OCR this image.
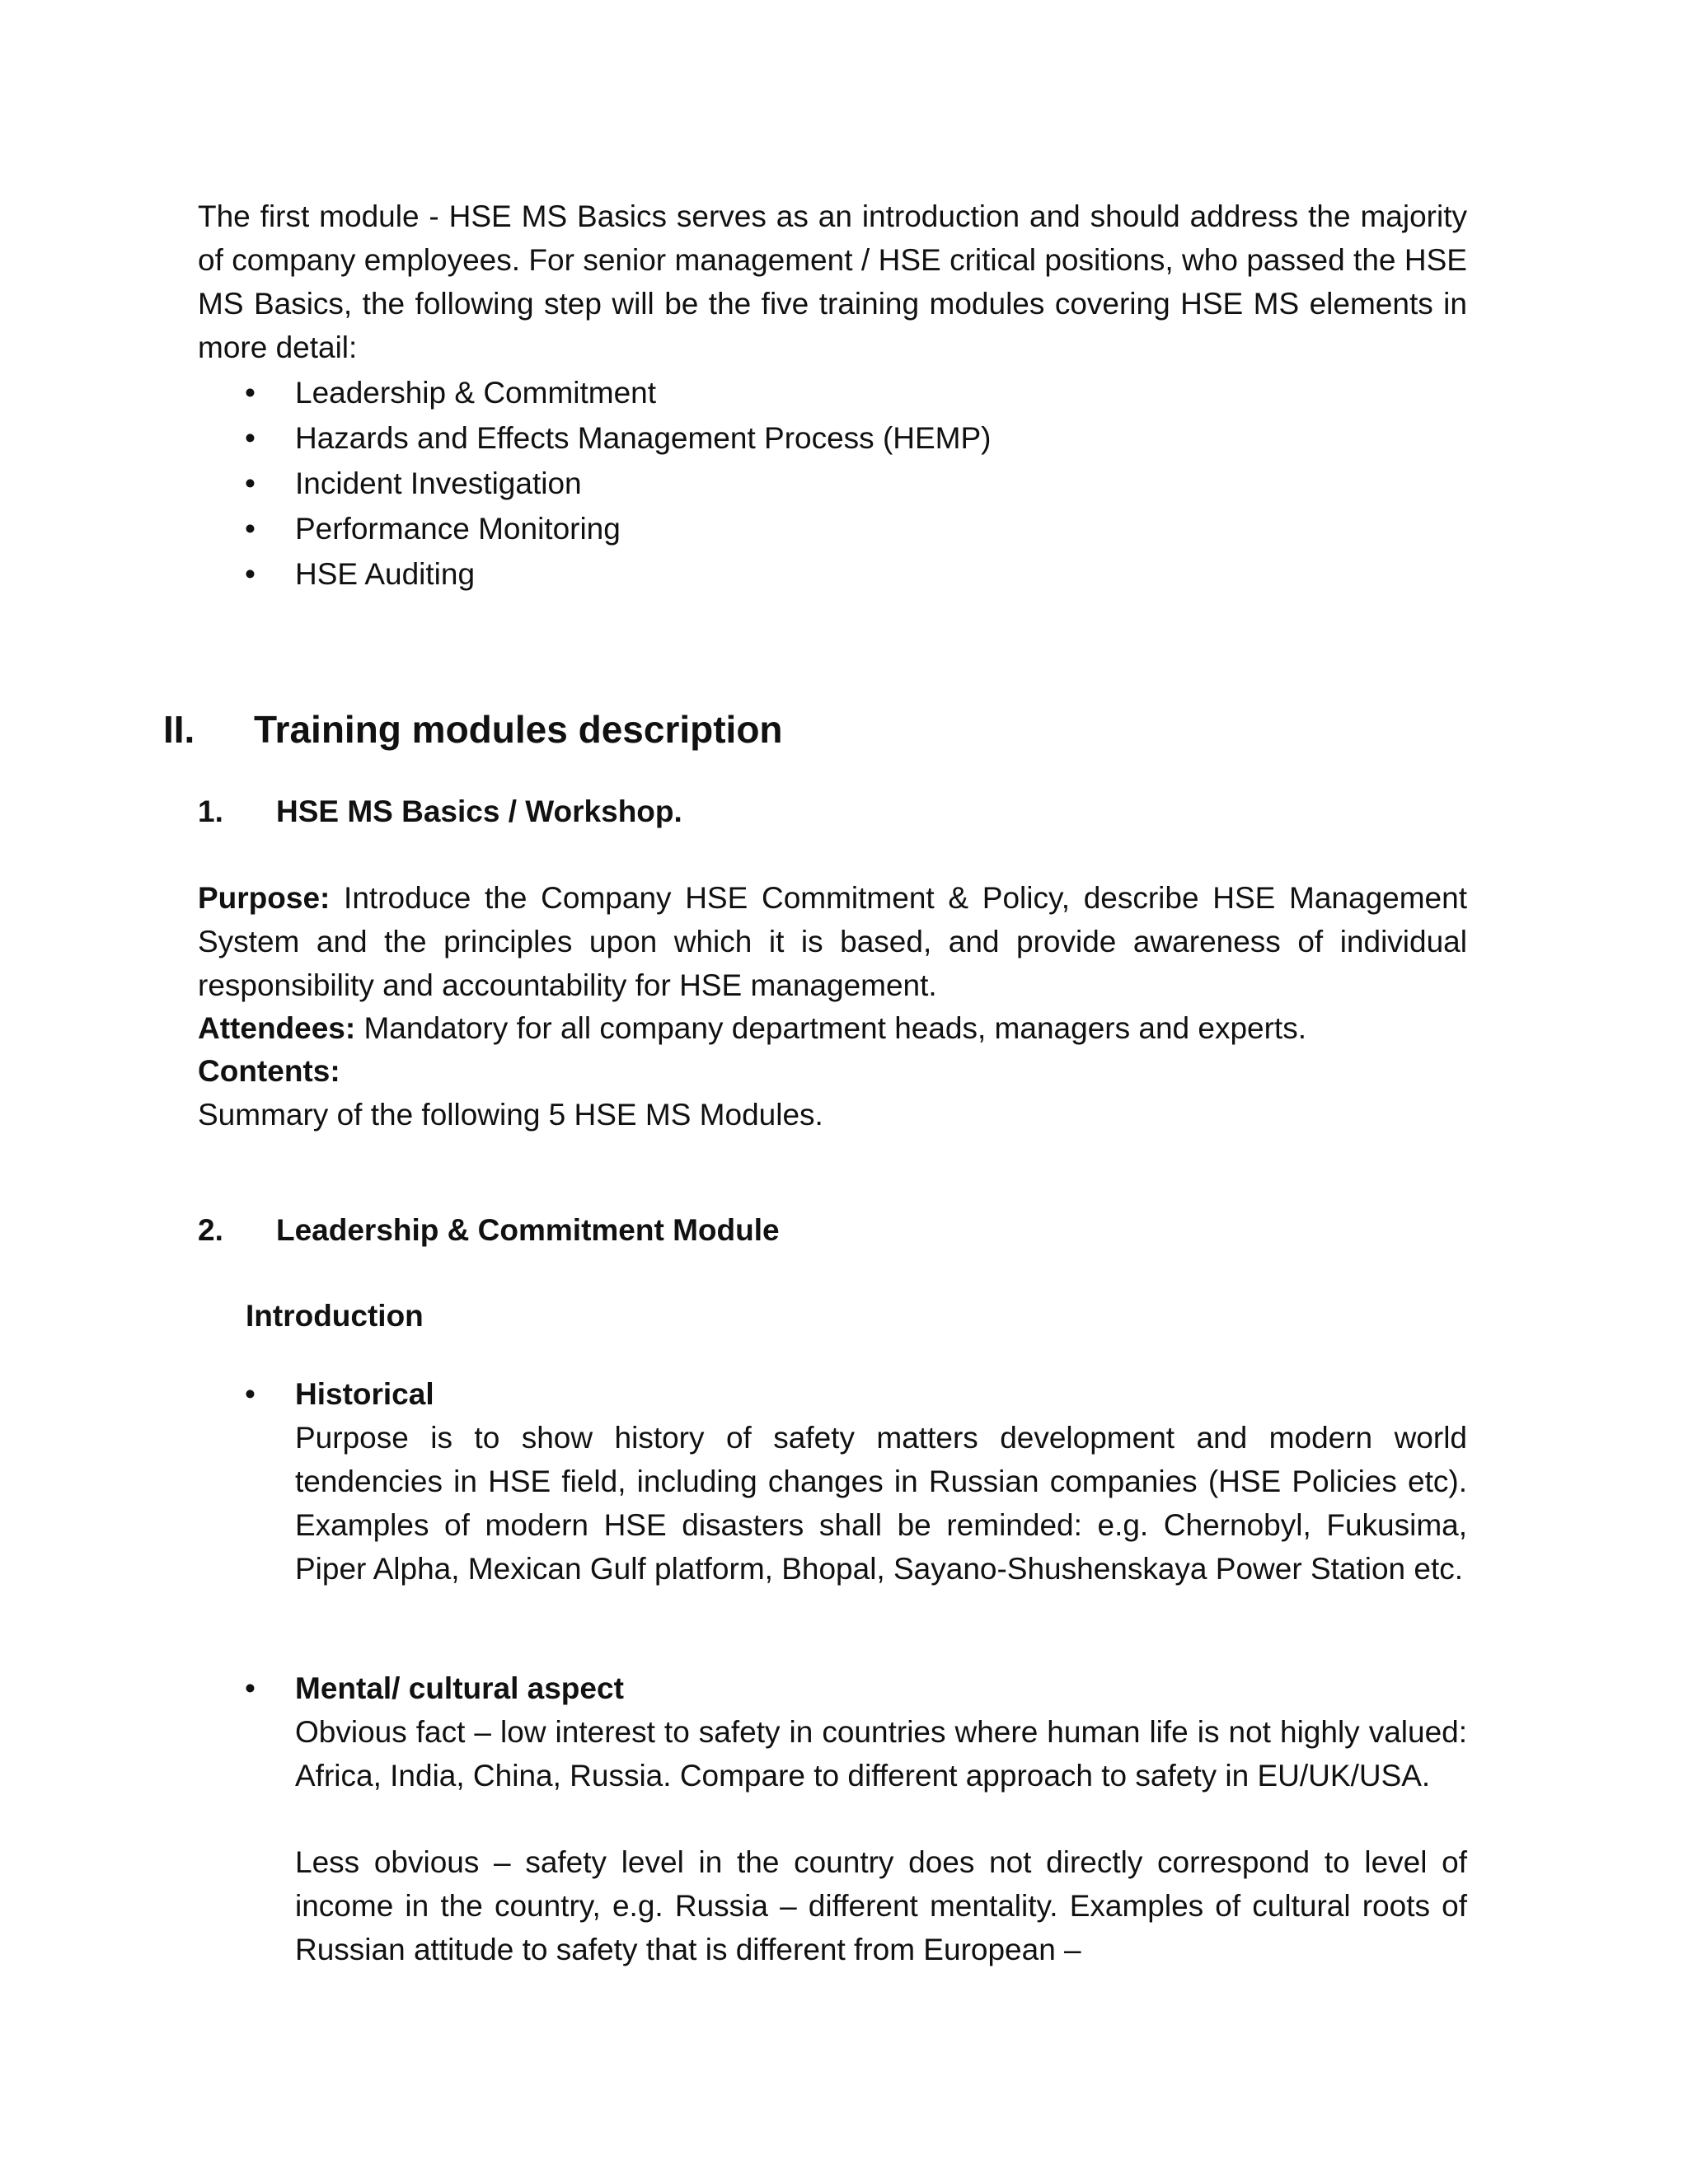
The first module - HSE MS Basics serves as an introduction and should address the majority of company employees. For senior management / HSE critical positions, who passed the HSE MS Basics, the following step will be the five training modules covering HSE MS elements in more detail:

• Leadership & Commitment

• Hazards and Effects Management Process (HEMP)

• Incident Investigation

• Performance Monitoring

• HSE Auditing

II. Training modules description
1. HSE MS Basics / Workshop.

Purpose: Introduce the Company HSE Commitment & Policy, describe HSE Management System and the principles upon which it is based, and provide awareness of individual responsibility and accountability for HSE management.

Attendees: Mandatory for all company department heads, managers and experts.

Contents:

Summary of the following 5 HSE MS Modules.

2. Leadership & Commitment Module

Introduction

• Historical

Purpose is to show history of safety matters development and modern world tendencies in HSE field, including changes in Russian companies (HSE Policies etc). Examples of modern HSE disasters shall be reminded: e.g. Chernobyl, Fukusima, Piper Alpha, Mexican Gulf platform, Bhopal, Sayano-Shushenskaya Power Station etc.

• Mental/ cultural aspect

Obvious fact – low interest to safety in countries where human life is not highly valued: Africa, India, China, Russia. Compare to different approach to safety in EU/UK/USA.

Less obvious – safety level in the country does not directly correspond to level of income in the country, e.g. Russia – different mentality. Examples of cultural roots of Russian attitude to safety that is different from European –
